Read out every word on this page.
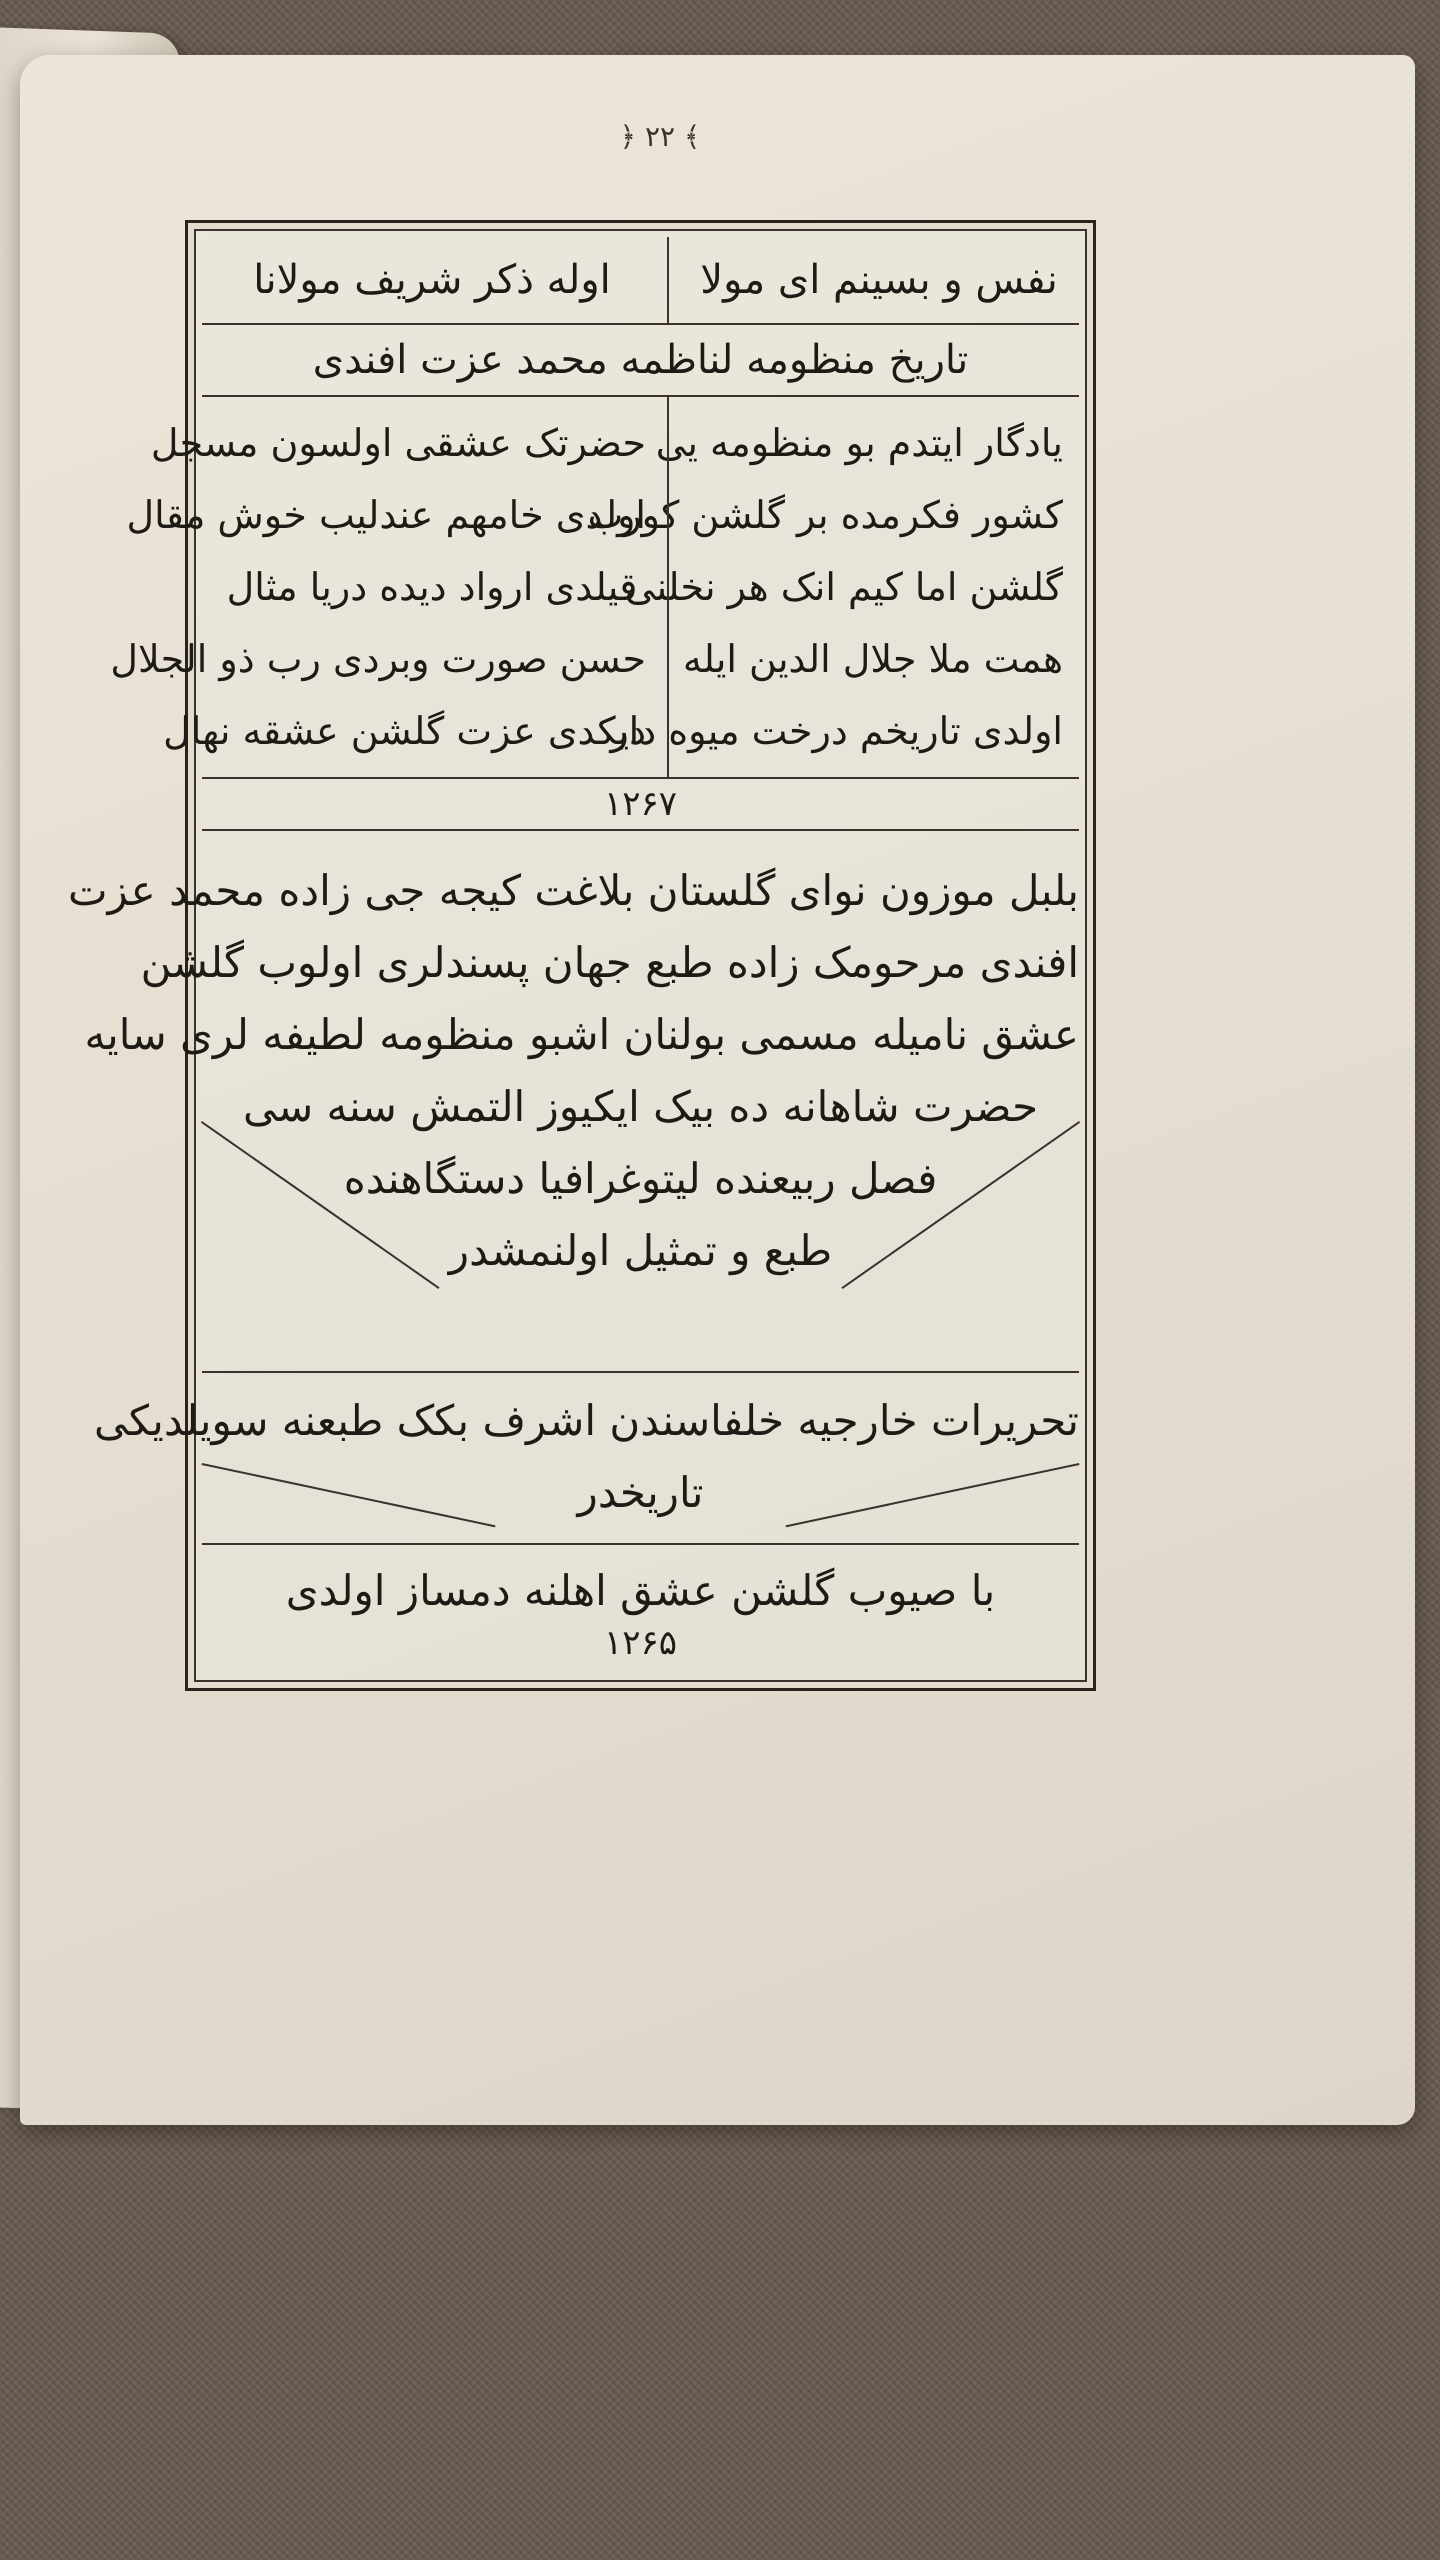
﴾ ۲۲ ﴿
نفس و بسینم ای مولا
اوله ذکر شریف مولانا
تاریخ منظومه لناظمه محمد عزت افندی
یادگار ایتدم بو منظومه یی
کشور فکرمده بر گلشن کورب
گلشن اما کیم انک هر نخلنی
همت ملا جلال الدین ایله
اولدی تاریخم درخت میوه دار
حضرتک عشقی اولسون مسجل
اولدی خامهم عندلیب خوش مقال
قیلدی ارواد دیده دریا مثال
حسن صورت وبردی رب ذو الجلال
دیکدی عزت گلشن عشقه نهال
۱۲۶۷
بلبل موزون نوای گلستان بلاغت کیجه جی زاده محمد عزت
افندی مرحومک زاده طبع جهان پسندلری اولوب گلشن
عشق نامیله مسمی بولنان اشبو منظومه لطیفه لری سایه
حضرت شاهانه ده بیک ایکیوز التمش سنه سی
فصل ربیعنده لیتوغرافیا دستگاهنده
طبع و تمثیل اولنمشدر
تحریرات خارجیه خلفاسندن اشرف بکک طبعنه سویلدیکی
تاریخدر
با صیوب گلشن عشق اهلنه دمساز اولدی
۱۲۶۵
